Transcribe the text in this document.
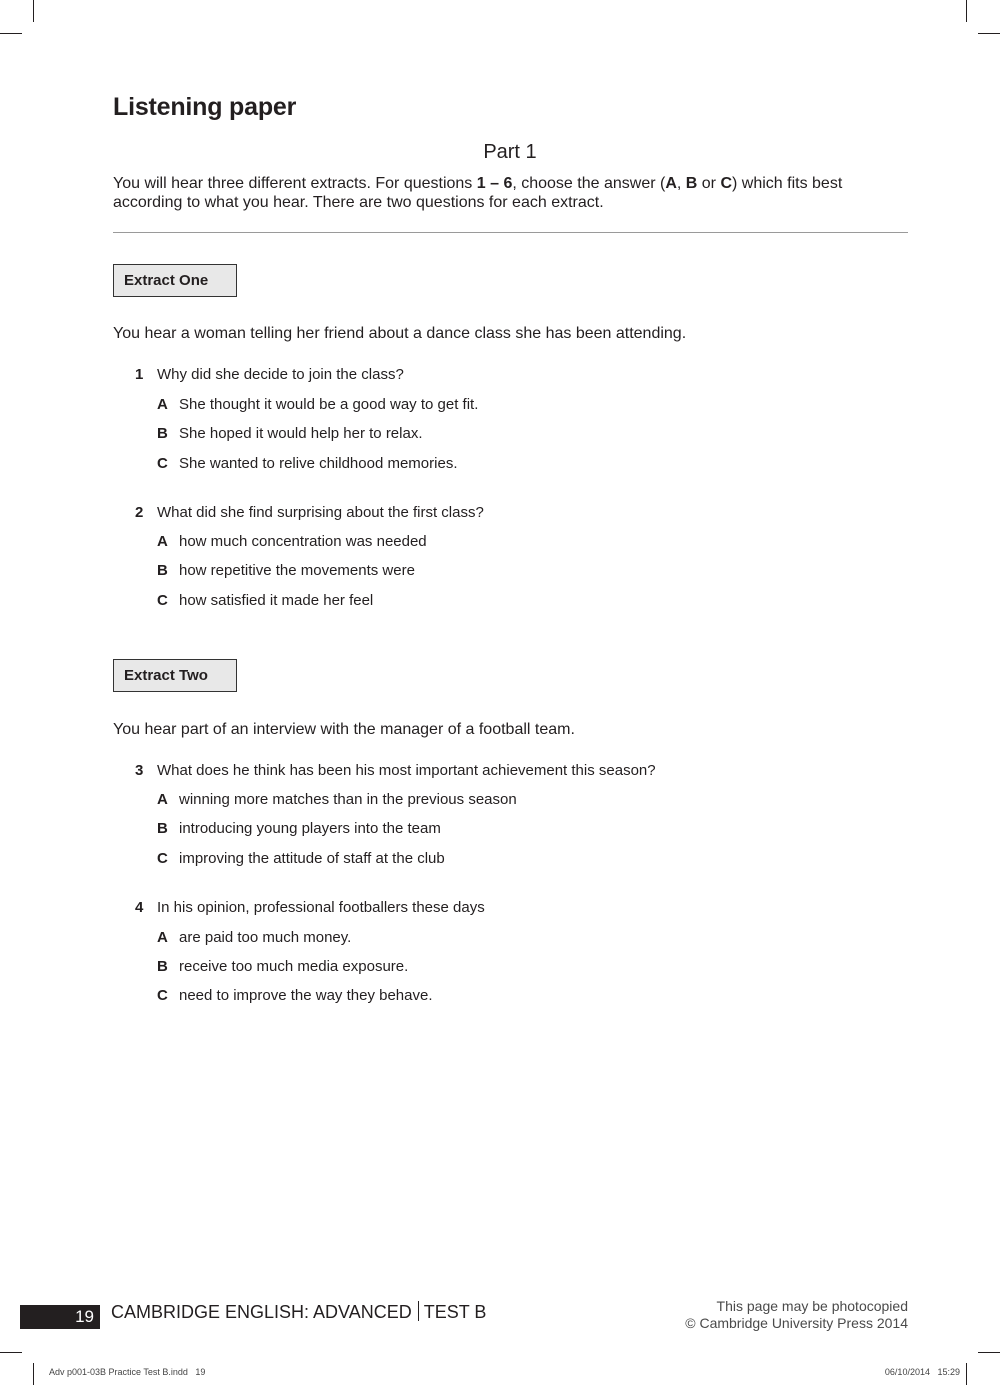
Listening paper
Part 1
You will hear three different extracts. For questions 1 – 6, choose the answer (A, B or C) which fits best
according to what you hear. There are two questions for each extract.
Extract One
You hear a woman telling her friend about a dance class she has been attending.
1 Why did she decide to join the class?
A She thought it would be a good way to get fit.
B She hoped it would help her to relax.
C She wanted to relive childhood memories.
2 What did she find surprising about the first class?
A how much concentration was needed
B how repetitive the movements were
C how satisfied it made her feel
Extract Two
You hear part of an interview with the manager of a football team.
3 What does he think has been his most important achievement this season?
A winning more matches than in the previous season
B introducing young players into the team
C improving the attitude of staff at the club
4 In his opinion, professional footballers these days
A are paid too much money.
B receive too much media exposure.
C need to improve the way they behave.
19 CAMBRIDGE ENGLISH: ADVANCED TEST B	This page may be photocopied
© Cambridge University Press 2014
Adv p001-03B Practice Test B.indd   19	06/10/2014   15:29
